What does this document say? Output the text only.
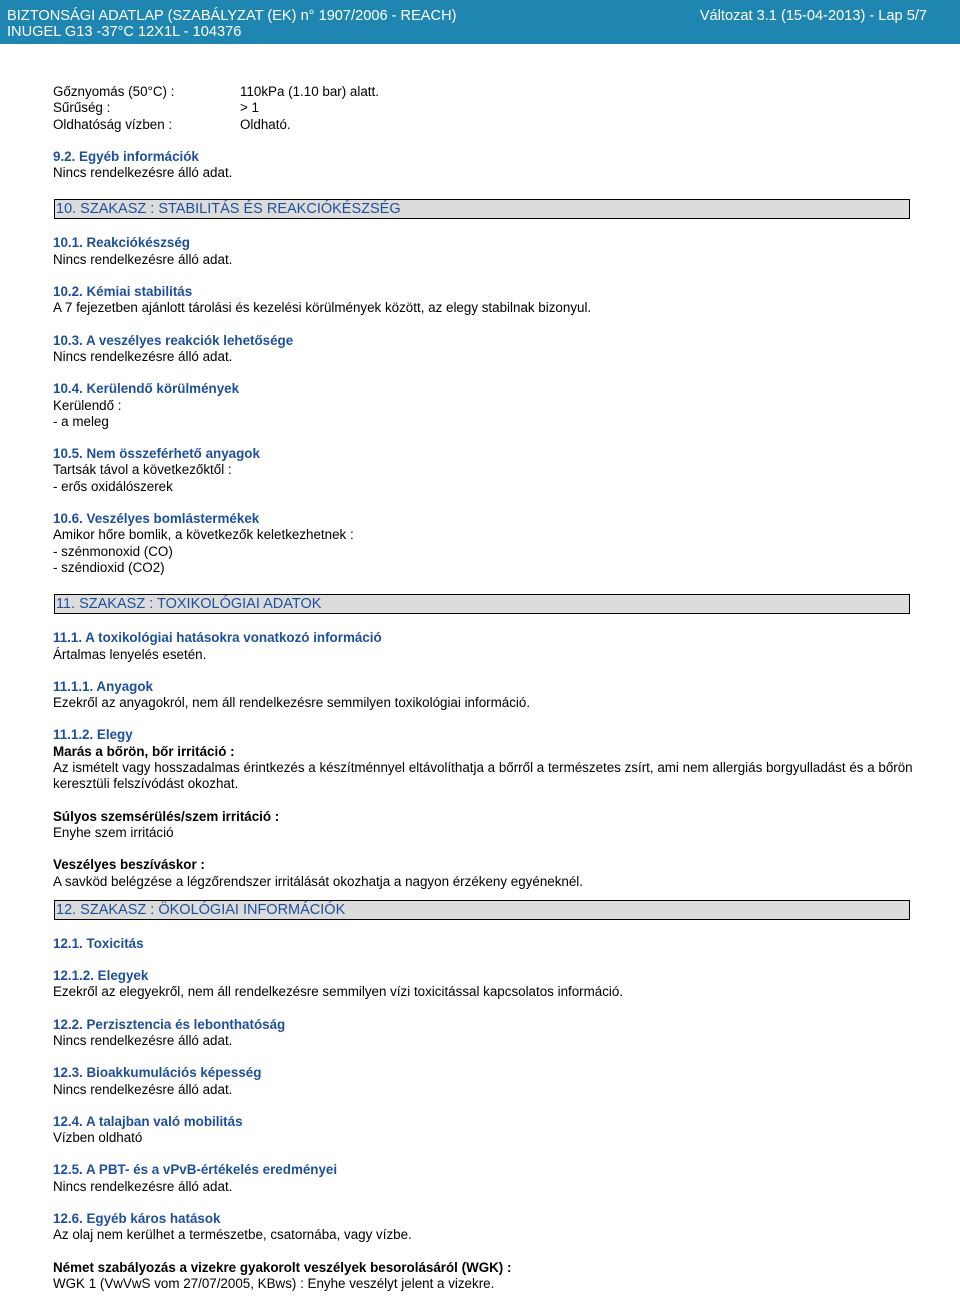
BIZTONSÁGI ADATLAP (SZABÁLYZAT (EK) n° 1907/2006 - REACH)
INUGEL G13 -37°C 12X1L - 104376
Változat 3.1 (15-04-2013) - Lap 5/7
Gőznyomás (50°C) :	110kPa (1.10 bar) alatt.
Sűrűség :	> 1
Oldhatóság vízben :	Oldható.
9.2. Egyéb információk
Nincs rendelkezésre álló adat.
10. SZAKASZ : STABILITÁS ÉS REAKCIÓKÉSZSÉG
10.1. Reakciókészség
Nincs rendelkezésre álló adat.
10.2. Kémiai stabilitás
A 7 fejezetben ajánlott tárolási és kezelési körülmények között, az elegy stabilnak bizonyul.
10.3. A veszélyes reakciók lehetősége
Nincs rendelkezésre álló adat.
10.4. Kerülendő körülmények
Kerülendő :
- a meleg
10.5. Nem összeférhető anyagok
Tartsák távol a következőktől :
- erős oxidálószerek
10.6. Veszélyes bomlástermékek
Amikor hőre bomlik, a következők keletkezhetnek :
- szénmonoxid (CO)
- széndioxid (CO2)
11. SZAKASZ : TOXIKOLÓGIAI ADATOK
11.1. A toxikológiai hatásokra vonatkozó információ
Ártalmas lenyelés esetén.
11.1.1. Anyagok
Ezekről az anyagokról, nem áll rendelkezésre semmilyen toxikológiai információ.
11.1.2. Elegy
Marás a bőrön, bőr irritáció :
Az ismételt vagy hosszadalmas érintkezés a készítménnyel eltávolíthatja a bőrről a természetes zsírt, ami nem allergiás borgyulladást és a bőrön keresztüli felszívódást okozhat.
Súlyos szemsérülés/szem irritáció :
Enyhe szem irritáció
Veszélyes beszíváskor :
A savköd belégzése a légzőrendszer irritálását okozhatja a nagyon érzékeny egyéneknél.
12. SZAKASZ : ÖKOLÓGIAI INFORMÁCIÓK
12.1. Toxicitás
12.1.2. Elegyek
Ezekről az elegyekről, nem áll rendelkezésre semmilyen vízi toxicitással kapcsolatos információ.
12.2. Perzisztencia és lebonthatóság
Nincs rendelkezésre álló adat.
12.3. Bioakkumulációs képesség
Nincs rendelkezésre álló adat.
12.4. A talajban való mobilitás
Vízben oldható
12.5. A PBT- és a vPvB-értékelés eredményei
Nincs rendelkezésre álló adat.
12.6. Egyéb káros hatások
Az olaj nem kerülhet a természetbe, csatornába, vagy vízbe.
Német szabályozás a vizekre gyakorolt veszélyek besorolásáról (WGK) :
WGK 1 (VwVwS vom 27/07/2005, KBws) : Enyhe veszélyt jelent a vizekre.
